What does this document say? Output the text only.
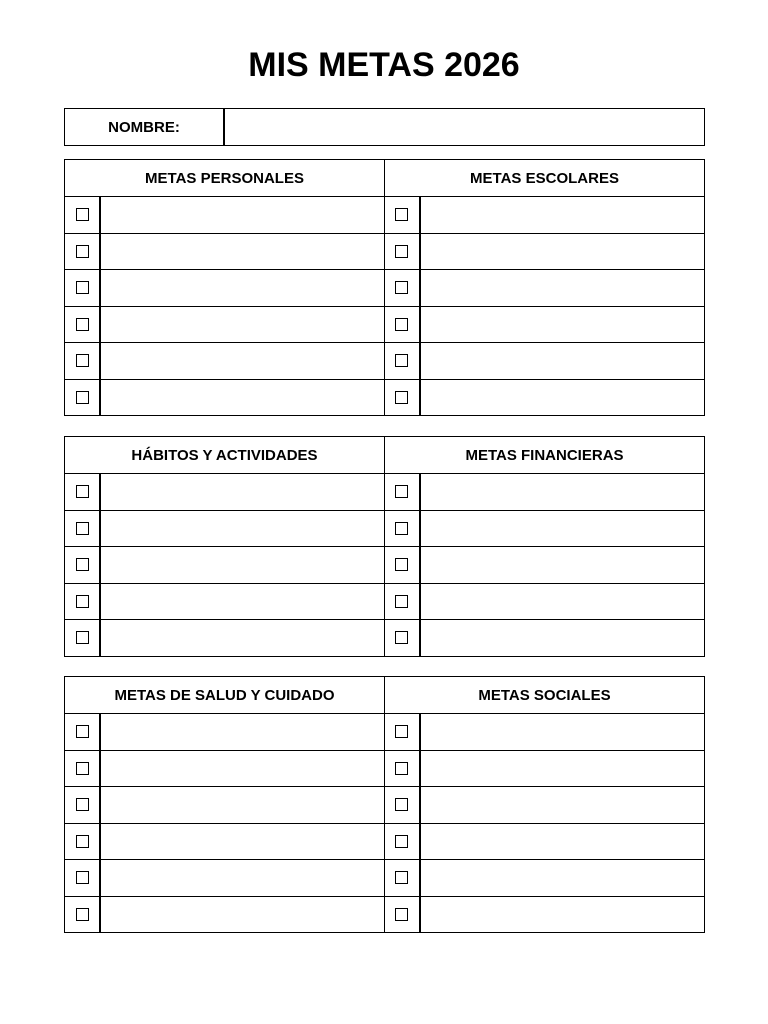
MIS METAS 2026
NOMBRE:
METAS PERSONALES		METAS ESCOLARES	

HÁBITOS Y ACTIVIDADES		METAS FINANCIERAS	

METAS DE SALUD Y CUIDADO		METAS SOCIALES	
